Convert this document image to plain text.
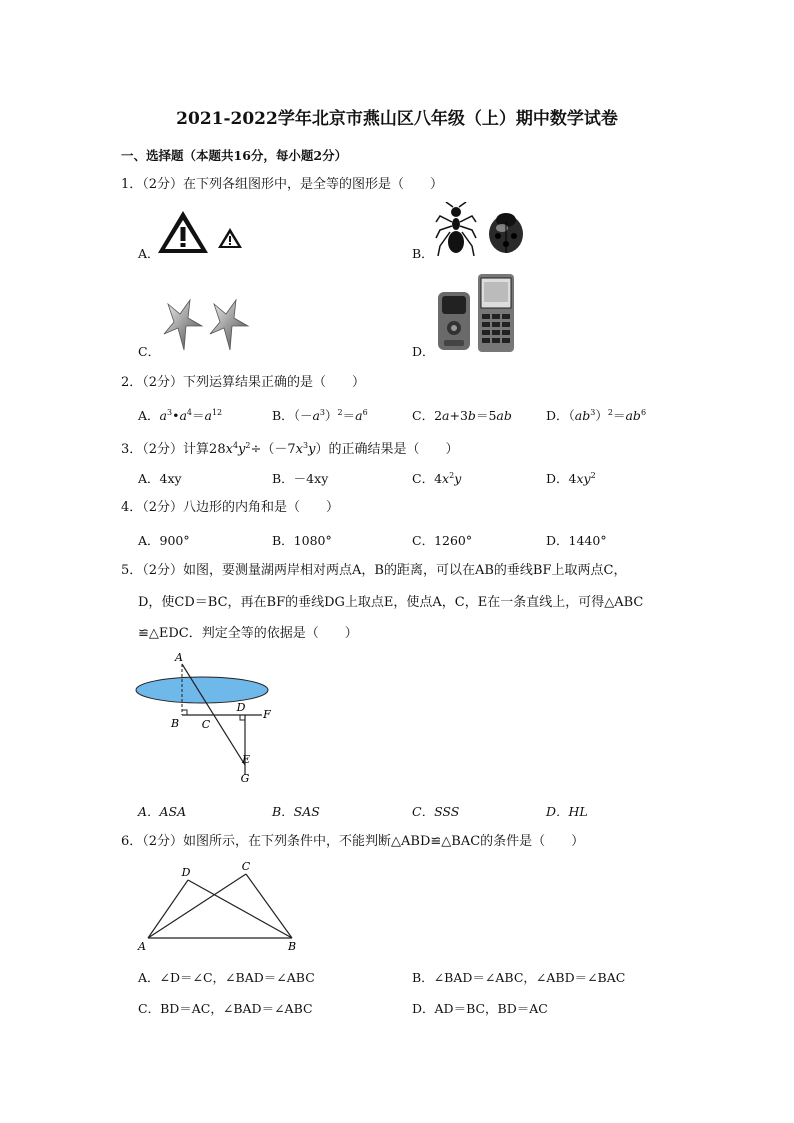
2021-2022学年北京市燕山区八年级（上）期中数学试卷
一、选择题（本题共16分，每小题2分）
1．（2分）在下列各组图形中，是全等的图形是（　　）
A．	B．
C．	D．
2．（2分）下列运算结果正确的是（　　）
A．$a^3•a^4=a^{12}$	B．$(-a^3)^2=a^6$	C．2a+3b＝5ab	D．$(ab^3)^2=ab^6$
3．（2分）计算$28x^4y^2\div(-7x^3y)$的正确结果是（　　）
A．4xy	B．－4xy	C．$4x^2y$	D．$4xy^2$
4．（2分）八边形的内角和是（　　）
A．900°	B．1080°	C．1260°	D．1440°
5．（2分）如图，要测量湖两岸相对两点A，B的距离，可以在AB的垂线BF上取两点C，
D，使CD＝BC，再在BF的垂线DG上取点E，使点A，C，E在一条直线上，可得△ABC
≌△EDC．判定全等的依据是（　　）
A
B C
D
F
E
G
A．ASA	B．SAS	C．SSS	D．HL
6．（2分）如图所示，在下列条件中，不能判断△ABD≌△BAC的条件是（　　）
A	B
C
D
A．∠D＝∠C，∠BAD＝∠ABC	B．∠BAD＝∠ABC，∠ABD＝∠BAC
C．BD＝AC，∠BAD＝∠ABC	D．AD＝BC，BD＝AC
